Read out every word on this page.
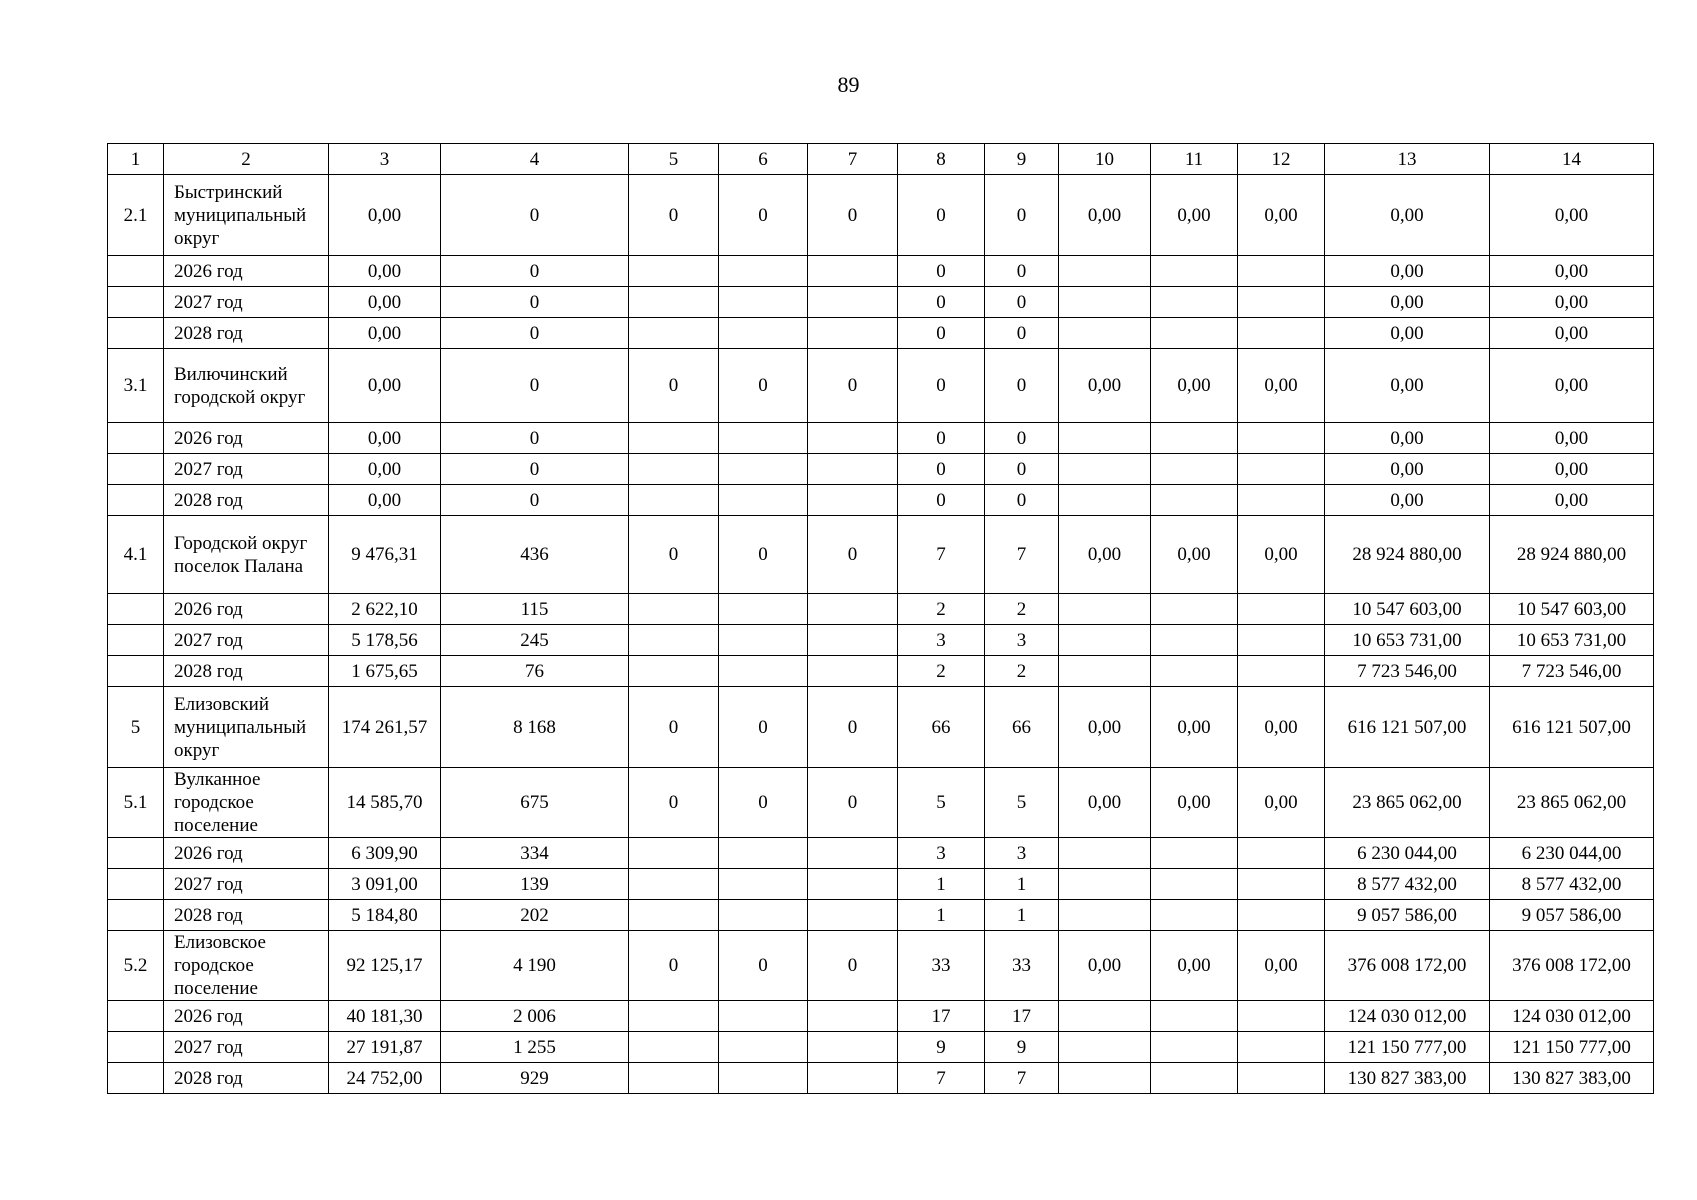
89
1	2	3	4	5	6	7	8	9	10	11	12	13	14
2.1	Быстринский муниципальный округ	0,00	0	0	0	0	0	0	0,00	0,00	0,00	0,00	0,00
	2026 год	0,00	0				0	0				0,00	0,00
	2027 год	0,00	0				0	0				0,00	0,00
	2028 год	0,00	0				0	0				0,00	0,00
3.1	Вилючинский городской округ	0,00	0	0	0	0	0	0	0,00	0,00	0,00	0,00	0,00
	2026 год	0,00	0				0	0				0,00	0,00
	2027 год	0,00	0				0	0				0,00	0,00
	2028 год	0,00	0				0	0				0,00	0,00
4.1	Городской округ поселок Палана	9 476,31	436	0	0	0	7	7	0,00	0,00	0,00	28 924 880,00	28 924 880,00
	2026 год	2 622,10	115				2	2				10 547 603,00	10 547 603,00
	2027 год	5 178,56	245				3	3				10 653 731,00	10 653 731,00
	2028 год	1 675,65	76				2	2				7 723 546,00	7 723 546,00
5	Елизовский муниципальный округ	174 261,57	8 168	0	0	0	66	66	0,00	0,00	0,00	616 121 507,00	616 121 507,00
5.1	Вулканное городское поселение	14 585,70	675	0	0	0	5	5	0,00	0,00	0,00	23 865 062,00	23 865 062,00
	2026 год	6 309,90	334				3	3				6 230 044,00	6 230 044,00
	2027 год	3 091,00	139				1	1				8 577 432,00	8 577 432,00
	2028 год	5 184,80	202				1	1				9 057 586,00	9 057 586,00
5.2	Елизовское городское поселение	92 125,17	4 190	0	0	0	33	33	0,00	0,00	0,00	376 008 172,00	376 008 172,00
	2026 год	40 181,30	2 006				17	17				124 030 012,00	124 030 012,00
	2027 год	27 191,87	1 255				9	9				121 150 777,00	121 150 777,00
	2028 год	24 752,00	929				7	7				130 827 383,00	130 827 383,00
